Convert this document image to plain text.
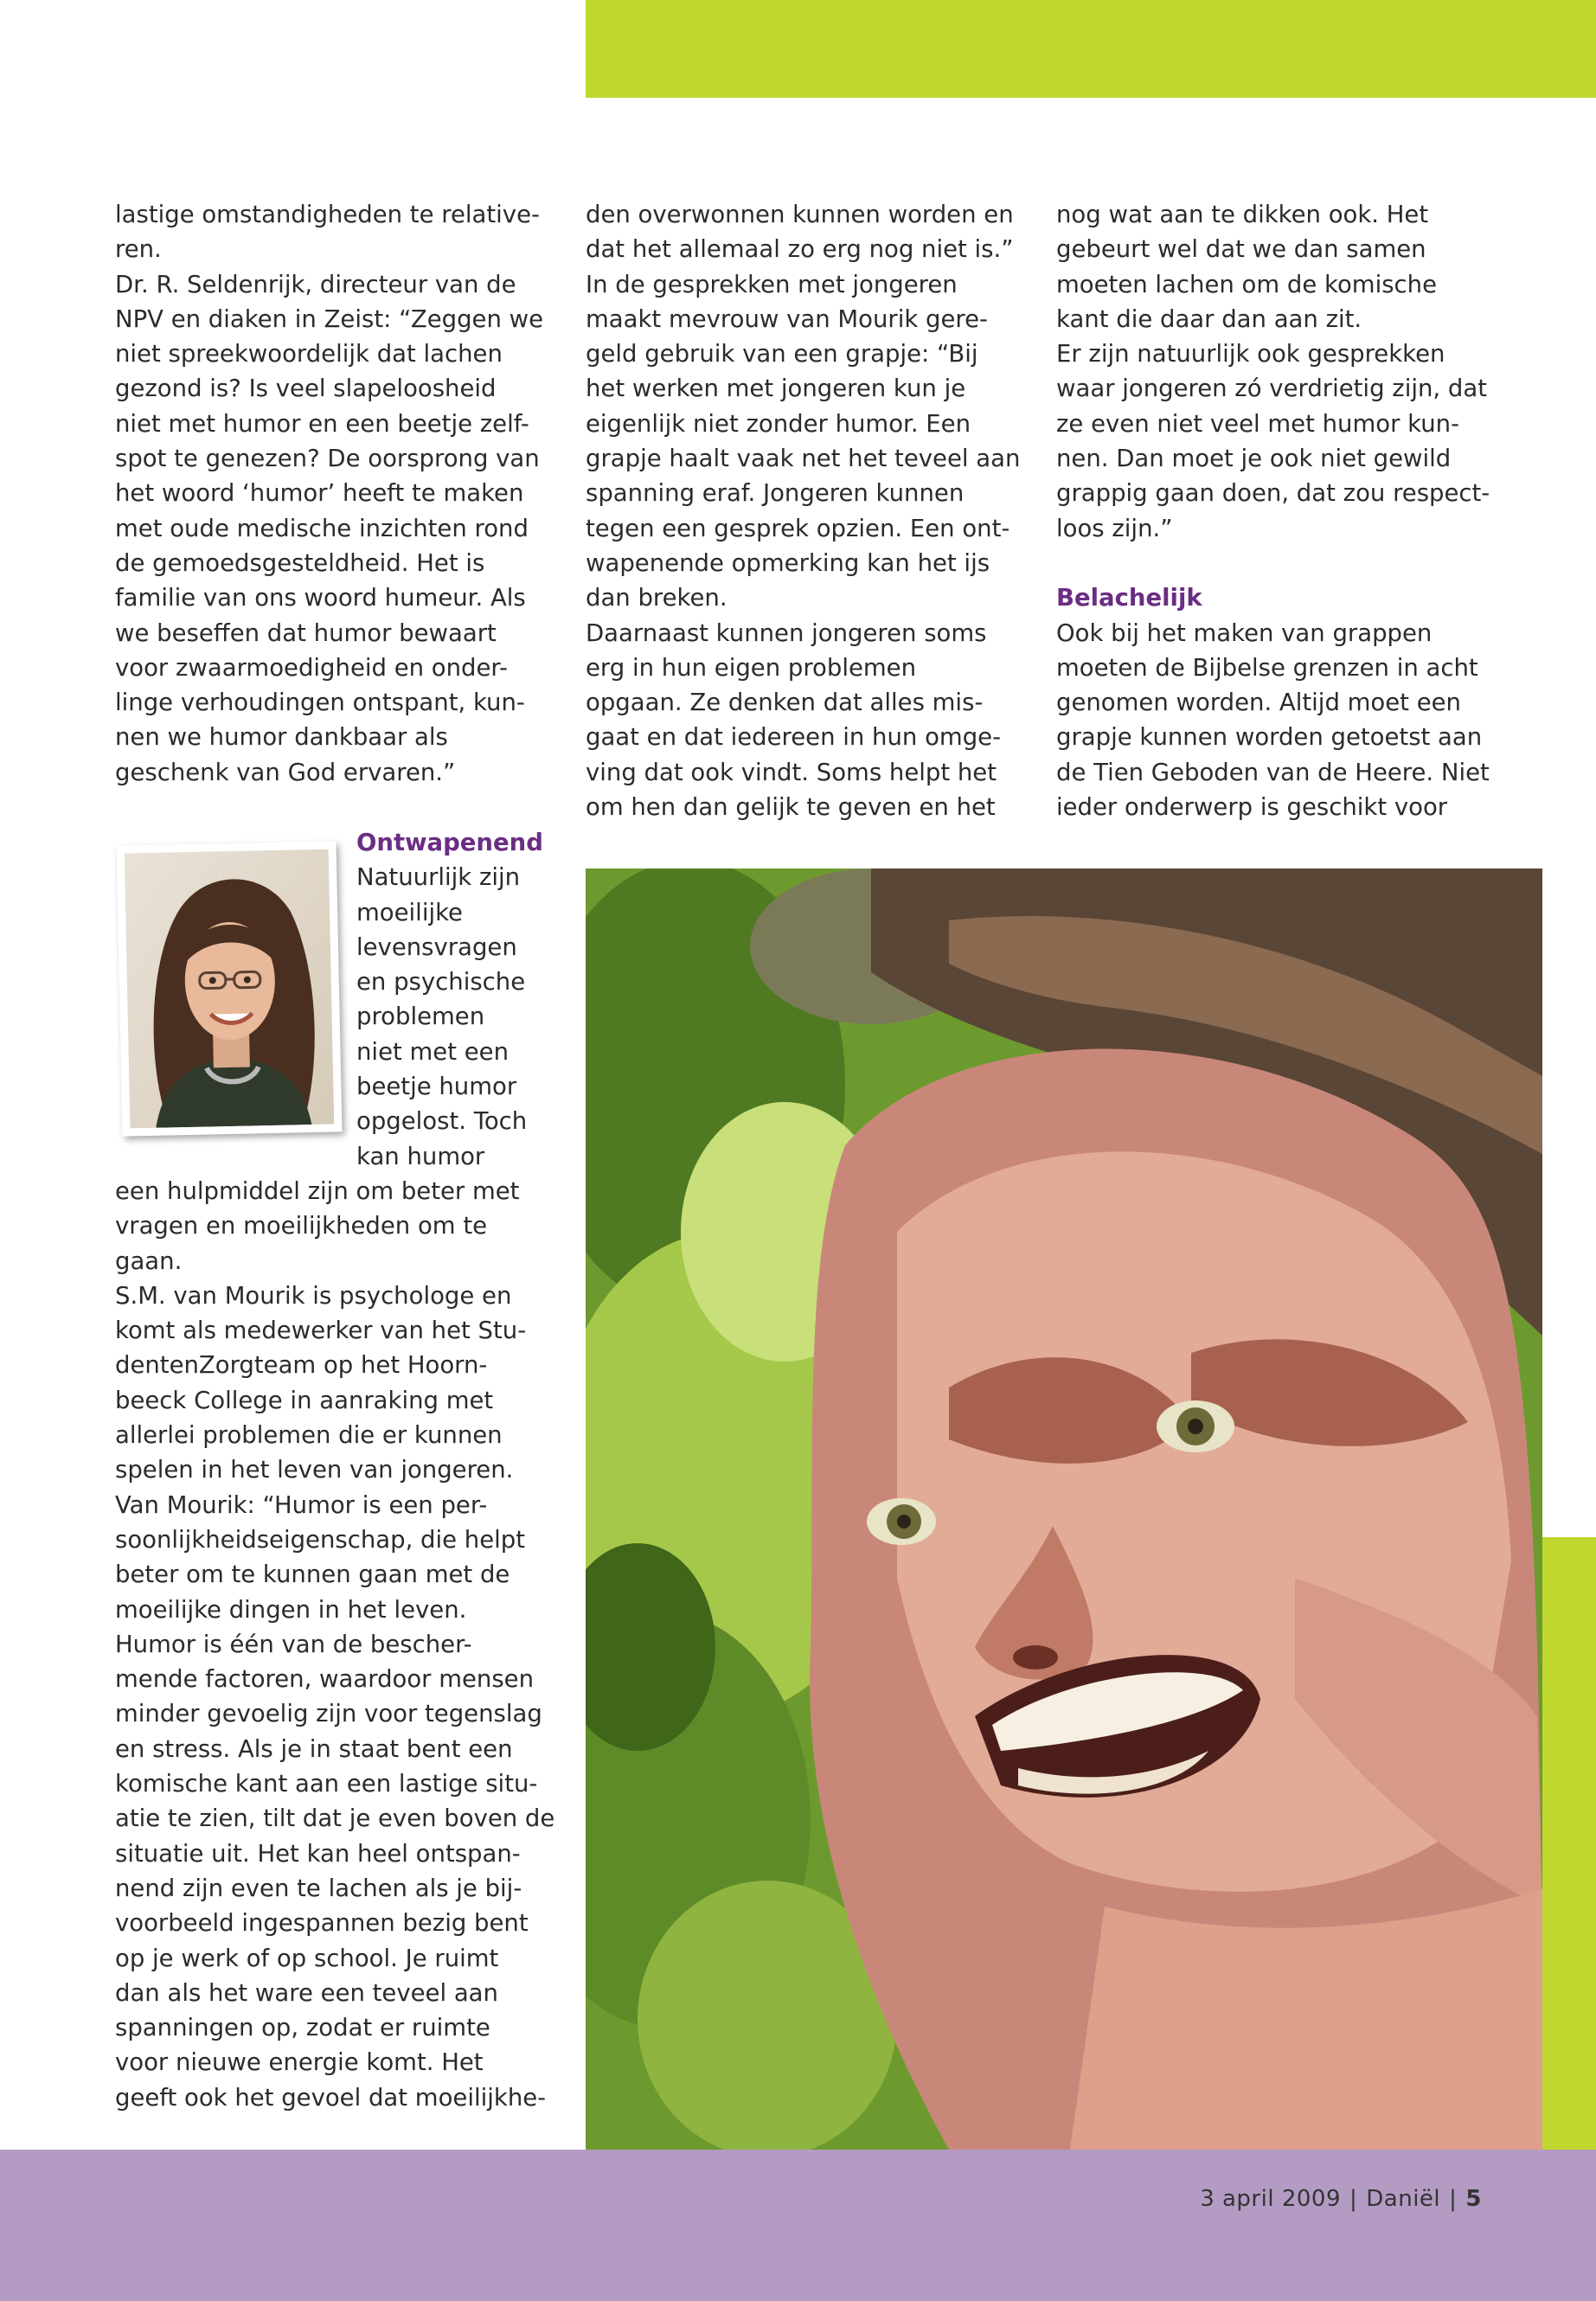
lastige omstandigheden te relative-
ren.
Dr. R. Seldenrijk, directeur van de
NPV en diaken in Zeist: “Zeggen we
niet spreekwoordelijk dat lachen
gezond is? Is veel slapeloosheid
niet met humor en een beetje zelf-
spot te genezen? De oorsprong van
het woord ‘humor’ heeft te maken
met oude medische inzichten rond
de gemoedsgesteldheid. Het is
familie van ons woord humeur. Als
we beseffen dat humor bewaart
voor zwaarmoedigheid en onder-
linge verhoudingen ontspant, kun-
nen we humor dankbaar als
geschenk van God ervaren.”
Ontwapenend
Natuurlijk zijn
moeilijke
levensvragen
en psychische
problemen
niet met een
beetje humor
opgelost. Toch
kan humor
een hulpmiddel zijn om beter met
vragen en moeilijkheden om te
gaan.
S.M. van Mourik is psychologe en
komt als medewerker van het Stu-
dentenZorgteam op het Hoorn-
beeck College in aanraking met
allerlei problemen die er kunnen
spelen in het leven van jongeren.
Van Mourik: “Humor is een per-
soonlijkheidseigenschap, die helpt
beter om te kunnen gaan met de
moeilijke dingen in het leven.
Humor is één van de bescher-
mende factoren, waardoor mensen
minder gevoelig zijn voor tegenslag
en stress. Als je in staat bent een
komische kant aan een lastige situ-
atie te zien, tilt dat je even boven de
situatie uit. Het kan heel ontspan-
nend zijn even te lachen als je bij-
voorbeeld ingespannen bezig bent
op je werk of op school. Je ruimt
dan als het ware een teveel aan
spanningen op, zodat er ruimte
voor nieuwe energie komt. Het
geeft ook het gevoel dat moeilijkhe-
den overwonnen kunnen worden en
dat het allemaal zo erg nog niet is.”
In de gesprekken met jongeren
maakt mevrouw van Mourik gere-
geld gebruik van een grapje: “Bij
het werken met jongeren kun je
eigenlijk niet zonder humor. Een
grapje haalt vaak net het teveel aan
spanning eraf. Jongeren kunnen
tegen een gesprek opzien. Een ont-
wapenende opmerking kan het ijs
dan breken.
Daarnaast kunnen jongeren soms
erg in hun eigen problemen
opgaan. Ze denken dat alles mis-
gaat en dat iedereen in hun omge-
ving dat ook vindt. Soms helpt het
om hen dan gelijk te geven en het
nog wat aan te dikken ook. Het
gebeurt wel dat we dan samen
moeten lachen om de komische
kant die daar dan aan zit.
Er zijn natuurlijk ook gesprekken
waar jongeren zó verdrietig zijn, dat
ze even niet veel met humor kun-
nen. Dan moet je ook niet gewild
grappig gaan doen, dat zou respect-
loos zijn.”
Belachelijk
Ook bij het maken van grappen
moeten de Bijbelse grenzen in acht
genomen worden. Altijd moet een
grapje kunnen worden getoetst aan
de Tien Geboden van de Heere. Niet
ieder onderwerp is geschikt voor
3 april 2009 | Daniël | 5
